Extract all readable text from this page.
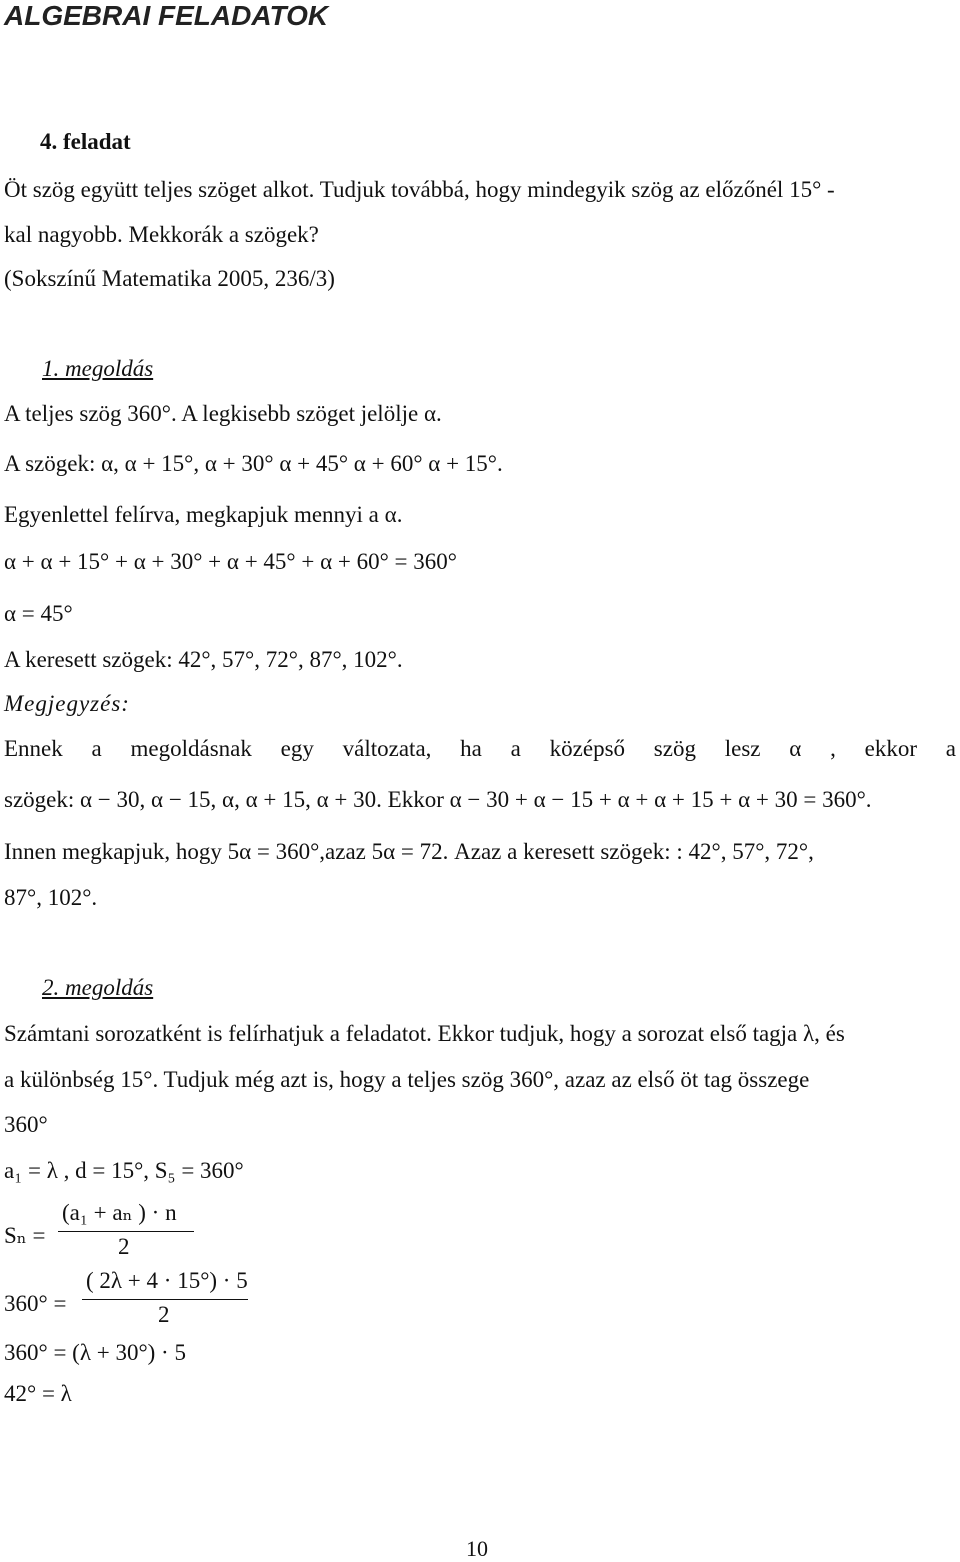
ALGEBRAI FELADATOK
4. feladat
Öt szög együtt teljes szöget alkot. Tudjuk továbbá, hogy mindegyik szög az előzőnél 15° -
kal nagyobb. Mekkorák a szögek?
(Sokszínű Matematika 2005, 236/3)
1. megoldás
A teljes szög 360°. A legkisebb szöget jelölje α.
A szögek: α, α + 15°, α + 30° α + 45° α + 60° α + 15°.
Egyenlettel felírva, megkapjuk mennyi a α.
α + α + 15° + α + 30° + α + 45° + α + 60° = 360°
α = 45°
A keresett szögek: 42°, 57°, 72°, 87°, 102°.
Megjegyzés:
Ennek a megoldásnak egy változata, ha a középső szög lesz α , ekkor a
szögek: α − 30, α − 15, α, α + 15, α + 30. Ekkor α − 30 + α − 15 + α + α + 15 + α + 30 = 360°.
Innen megkapjuk, hogy 5α = 360°,azaz 5α = 72. Azaz a keresett szögek: : 42°, 57°, 72°,
87°, 102°.
2. megoldás
Számtani sorozatként is felírhatjuk a feladatot. Ekkor tudjuk, hogy a sorozat első tagja λ, és
a különbség 15°. Tudjuk még azt is, hogy a teljes szög 360°, azaz az első öt tag összege
360°
a₁ = λ , d = 15°, S₅ = 360°
Sₙ =
(a₁ + aₙ ) · n
2
360° =
( 2λ + 4 · 15°) · 5
2
360° = (λ + 30°) · 5
42° = λ
10
